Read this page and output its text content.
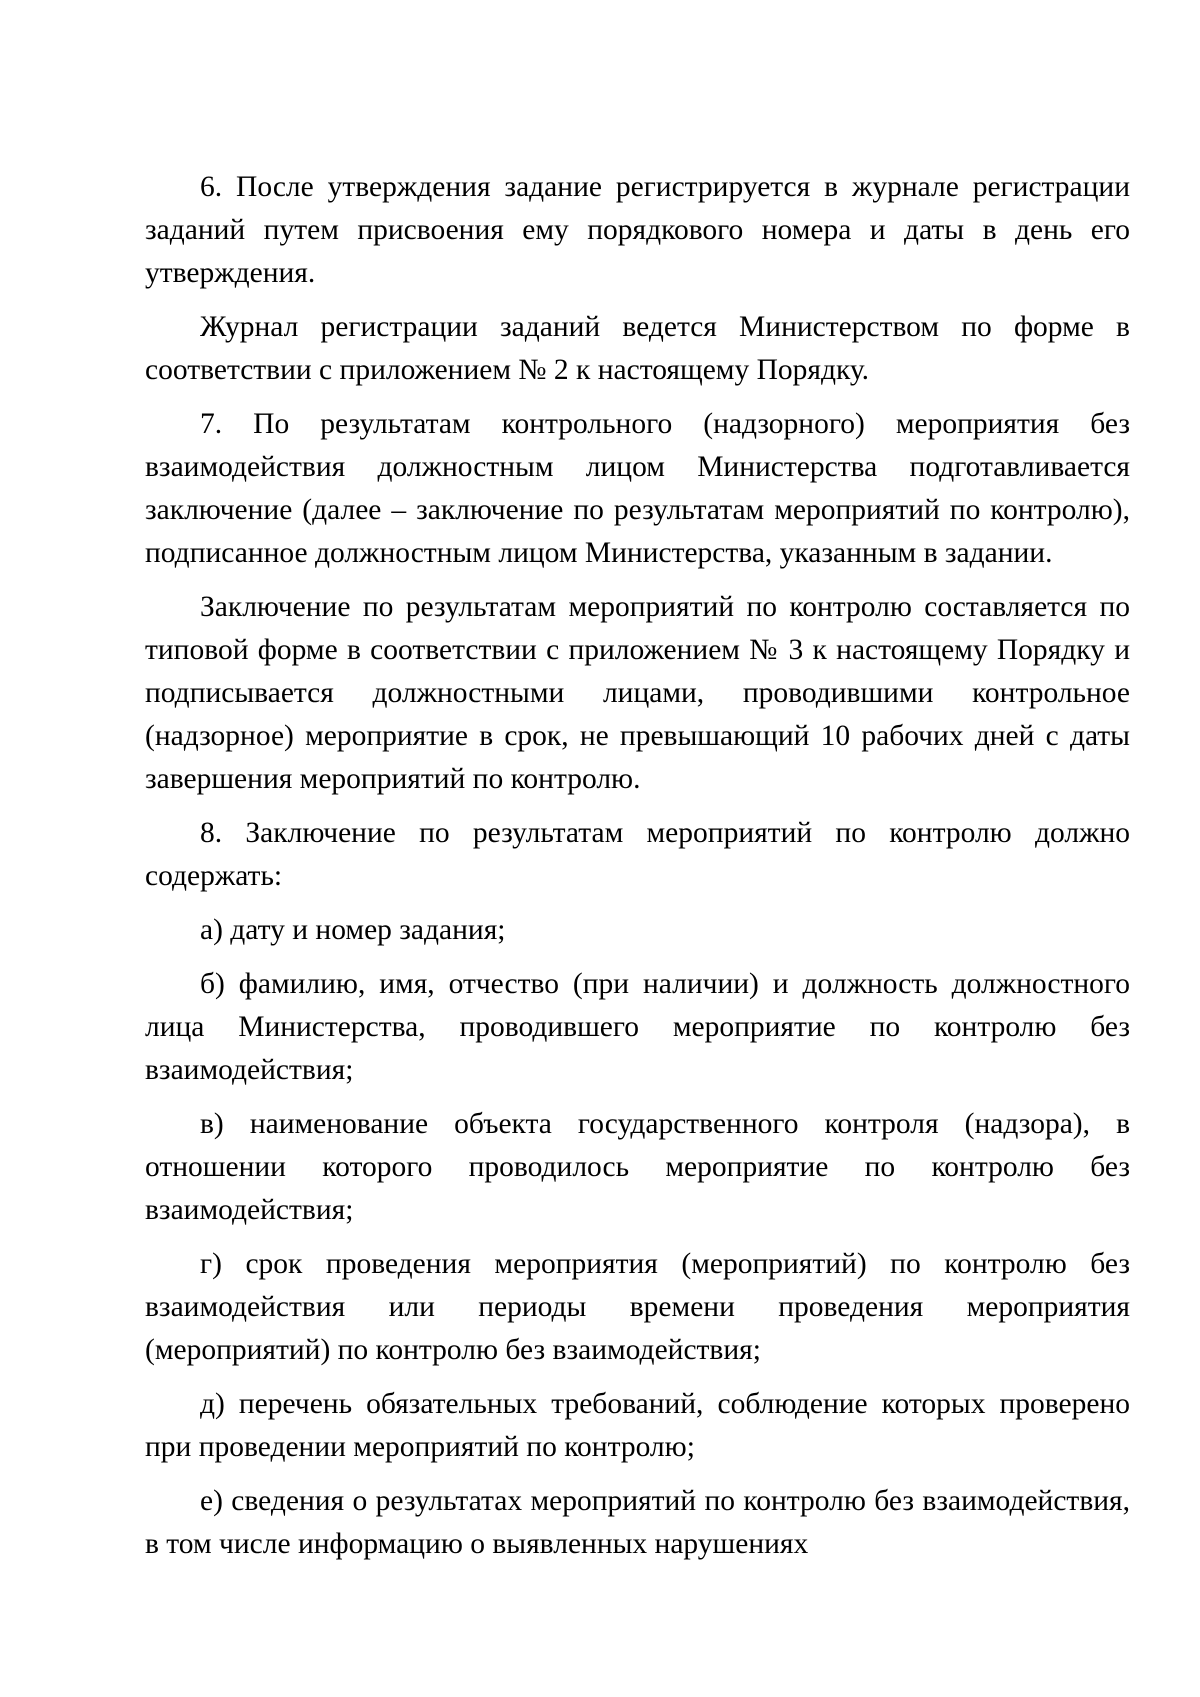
6. После утверждения задание регистрируется в журнале регистрации заданий путем присвоения ему порядкового номера и даты в день его утверждения.

Журнал регистрации заданий ведется Министерством по форме в соответствии с приложением № 2 к настоящему Порядку.

7. По результатам контрольного (надзорного) мероприятия без взаимодействия должностным лицом Министерства подготавливается заключение (далее – заключение по результатам мероприятий по контролю), подписанное должностным лицом Министерства, указанным в задании.

Заключение по результатам мероприятий по контролю составляется по типовой форме в соответствии с приложением № 3 к настоящему Порядку и подписывается должностными лицами, проводившими контрольное (надзорное) мероприятие в срок, не превышающий 10 рабочих дней с даты завершения мероприятий по контролю.

8. Заключение по результатам мероприятий по контролю должно содержать:

а) дату и номер задания;

б) фамилию, имя, отчество (при наличии) и должность должностного лица Министерства, проводившего мероприятие по контролю без взаимодействия;

в) наименование объекта государственного контроля (надзора), в отношении которого проводилось мероприятие по контролю без взаимодействия;

г) срок проведения мероприятия (мероприятий) по контролю без взаимодействия или периоды времени проведения мероприятия (мероприятий) по контролю без взаимодействия;

д) перечень обязательных требований, соблюдение которых проверено при проведении мероприятий по контролю;

е) сведения о результатах мероприятий по контролю без взаимодействия, в том числе информацию о выявленных нарушениях
